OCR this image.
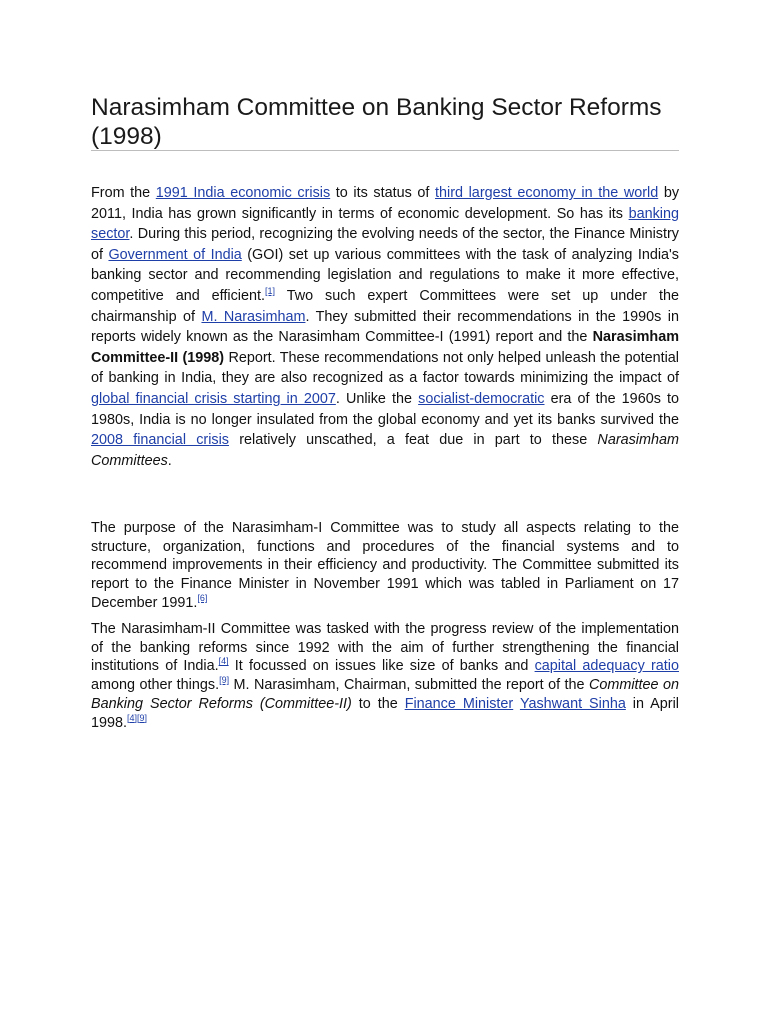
Narasimham Committee on Banking Sector Reforms (1998)

From the 1991 India economic crisis to its status of third largest economy in the world by 2011, India has grown significantly in terms of economic development. So has its banking sector. During this period, recognizing the evolving needs of the sector, the Finance Ministry of Government of India (GOI) set up various committees with the task of analyzing India's banking sector and recommending legislation and regulations to make it more effective, competitive and efficient.[1] Two such expert Committees were set up under the chairmanship of M. Narasimham. They submitted their recommendations in the 1990s in reports widely known as the Narasimham Committee-I (1991) report and the Narasimham Committee-II (1998) Report. These recommendations not only helped unleash the potential of banking in India, they are also recognized as a factor towards minimizing the impact of global financial crisis starting in 2007. Unlike the socialist-democratic era of the 1960s to 1980s, India is no longer insulated from the global economy and yet its banks survived the 2008 financial crisis relatively unscathed, a feat due in part to these Narasimham Committees.

The purpose of the Narasimham-I Committee was to study all aspects relating to the structure, organization, functions and procedures of the financial systems and to recommend improvements in their efficiency and productivity. The Committee submitted its report to the Finance Minister in November 1991 which was tabled in Parliament on 17 December 1991.[6]

The Narasimham-II Committee was tasked with the progress review of the implementation of the banking reforms since 1992 with the aim of further strengthening the financial institutions of India.[4] It focussed on issues like size of banks and capital adequacy ratio among other things.[9] M. Narasimham, Chairman, submitted the report of the Committee on Banking Sector Reforms (Committee-II) to the Finance Minister Yashwant Sinha in April 1998.[4][9]
